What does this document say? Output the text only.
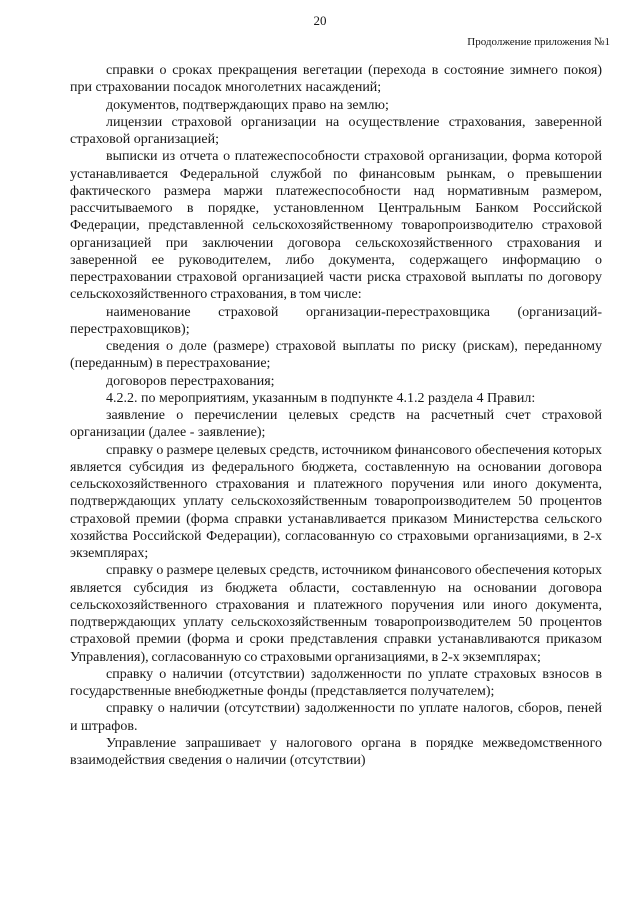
20
Продолжение приложения №1

справки о сроках прекращения вегетации (перехода в состояние зимнего покоя) при страховании посадок многолетних насаждений;

документов, подтверждающих право на землю;

лицензии страховой организации на осуществление страхования, заверенной страховой организацией;

выписки из отчета о платежеспособности страховой организации, форма которой устанавливается Федеральной службой по финансовым рынкам, о превышении фактического размера маржи платежеспособности над нормативным размером, рассчитываемого в порядке, установленном Центральным Банком Российской Федерации, представленной сельскохозяйственному товаропроизводителю страховой организацией при заключении договора сельскохозяйственного страхования и заверенной ее руководителем, либо документа, содержащего информацию о перестраховании страховой организацией части риска страховой выплаты по договору сельскохозяйственного страхования, в том числе:

наименование страховой организации-перестраховщика (организаций-перестраховщиков);

сведения о доле (размере) страховой выплаты по риску (рискам), переданному (переданным) в перестрахование;

договоров перестрахования;

4.2.2. по мероприятиям, указанным в подпункте 4.1.2 раздела 4 Правил:

заявление о перечислении целевых средств на расчетный счет страховой организации (далее - заявление);

справку о размере целевых средств, источником финансового обеспечения которых является субсидия из федерального бюджета, составленную на основании договора сельскохозяйственного страхования и платежного поручения или иного документа, подтверждающих уплату сельскохозяйственным товаропроизводителем 50 процентов страховой премии (форма справки устанавливается приказом Министерства сельского хозяйства Российской Федерации), согласованную со страховыми организациями, в 2-х экземплярах;

справку о размере целевых средств, источником финансового обеспечения которых является субсидия из бюджета области, составленную на основании договора сельскохозяйственного страхования и платежного поручения или иного документа, подтверждающих уплату сельскохозяйственным товаропроизводителем 50 процентов страховой премии (форма и сроки представления справки устанавливаются приказом Управления), согласованную со страховыми организациями, в 2-х экземплярах;

справку о наличии (отсутствии) задолженности по уплате страховых взносов в государственные внебюджетные фонды (представляется получателем);

справку о наличии (отсутствии) задолженности по уплате налогов, сборов, пеней и штрафов.

Управление запрашивает у налогового органа в порядке межведомственного взаимодействия сведения о наличии (отсутствии)
